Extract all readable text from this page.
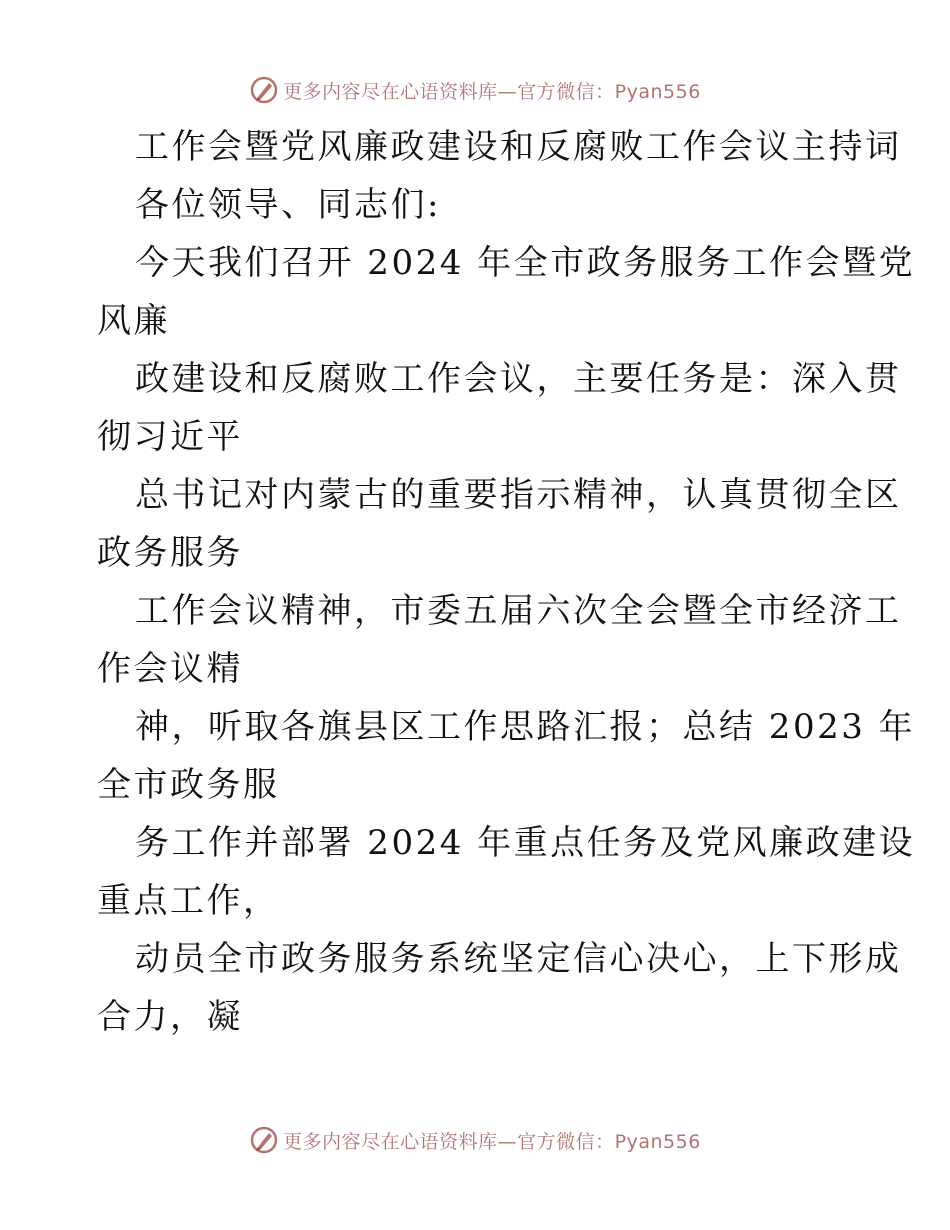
更多内容尽在心语资料库—官方微信：Pyan556
工作会暨党风廉政建设和反腐败工作会议主持词
各位领导、同志们:
今天我们召开 2024 年全市政务服务工作会暨党
风廉
政建设和反腐败工作会议，主要任务是：深入贯
彻习近平
总书记对内蒙古的重要指示精神，认真贯彻全区
政务服务
工作会议精神，市委五届六次全会暨全市经济工
作会议精
神，听取各旗县区工作思路汇报；总结 2023 年
全市政务服
务工作并部署 2024 年重点任务及党风廉政建设
重点工作，
动员全市政务服务系统坚定信心决心，上下形成
合力，凝
更多内容尽在心语资料库—官方微信：Pyan556
